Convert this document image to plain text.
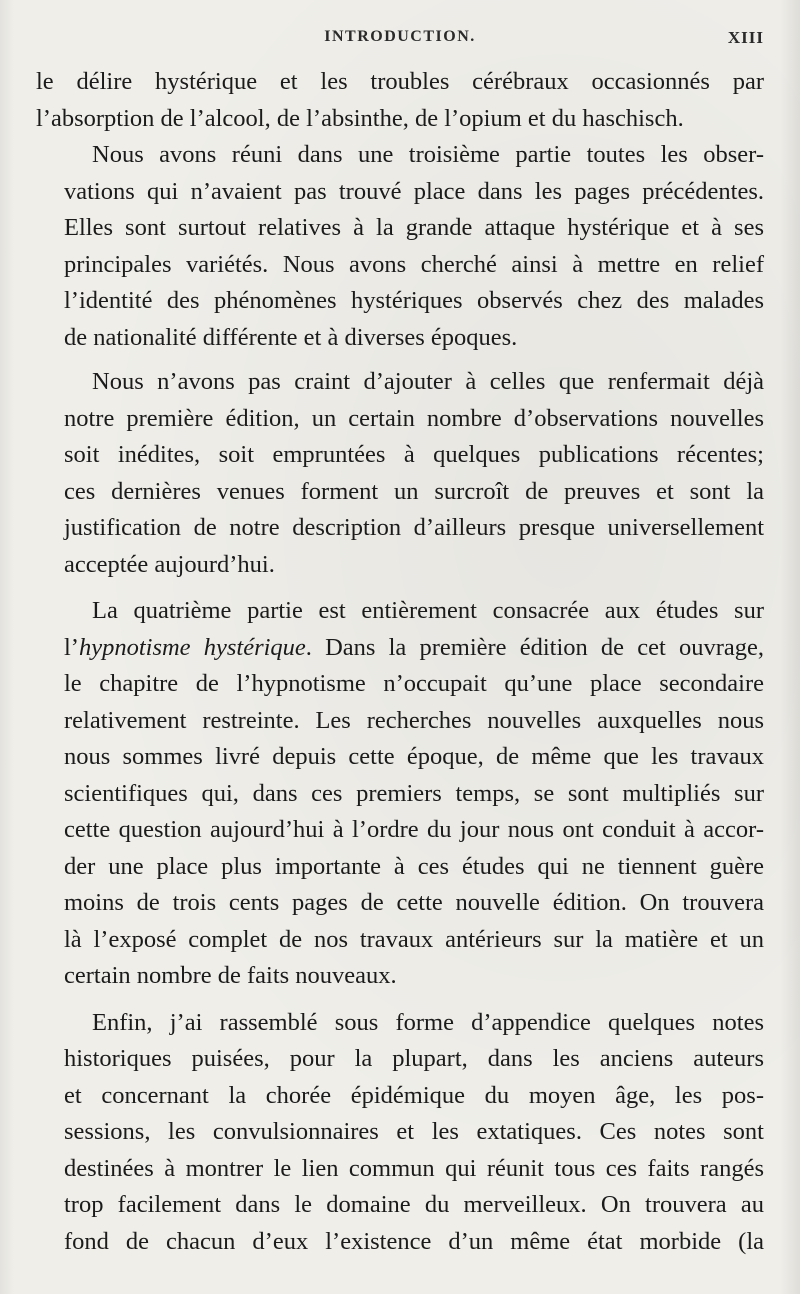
INTRODUCTION.	XIII
le délire hystérique et les troubles cérébraux occasionnés par
l’absorption de l’alcool, de l’absinthe, de l’opium et du haschisch.
Nous avons réuni dans une troisième partie toutes les obser-
vations qui n’avaient pas trouvé place dans les pages précédentes.
Elles sont surtout relatives à la grande attaque hystérique et à ses
principales variétés. Nous avons cherché ainsi à mettre en relief
l’identité des phénomènes hystériques observés chez des malades
de nationalité différente et à diverses époques.
Nous n’avons pas craint d’ajouter à celles que renfermait déjà
notre première édition, un certain nombre d’observations nouvelles
soit inédites, soit empruntées à quelques publications récentes;
ces dernières venues forment un surcroît de preuves et sont la
justification de notre description d’ailleurs presque universellement
acceptée aujourd’hui.
La quatrième partie est entièrement consacrée aux études sur
l’hypnotisme hystérique. Dans la première édition de cet ouvrage,
le chapitre de l’hypnotisme n’occupait qu’une place secondaire
relativement restreinte. Les recherches nouvelles auxquelles nous
nous sommes livré depuis cette époque, de même que les travaux
scientifiques qui, dans ces premiers temps, se sont multipliés sur
cette question aujourd’hui à l’ordre du jour nous ont conduit à accor-
der une place plus importante à ces études qui ne tiennent guère
moins de trois cents pages de cette nouvelle édition. On trouvera
là l’exposé complet de nos travaux antérieurs sur la matière et un
certain nombre de faits nouveaux.
Enfin, j’ai rassemblé sous forme d’appendice quelques notes
historiques puisées, pour la plupart, dans les anciens auteurs
et concernant la chorée épidémique du moyen âge, les pos-
sessions, les convulsionnaires et les extatiques. Ces notes sont
destinées à montrer le lien commun qui réunit tous ces faits rangés
trop facilement dans le domaine du merveilleux. On trouvera au
fond de chacun d’eux l’existence d’un même état morbide (la
